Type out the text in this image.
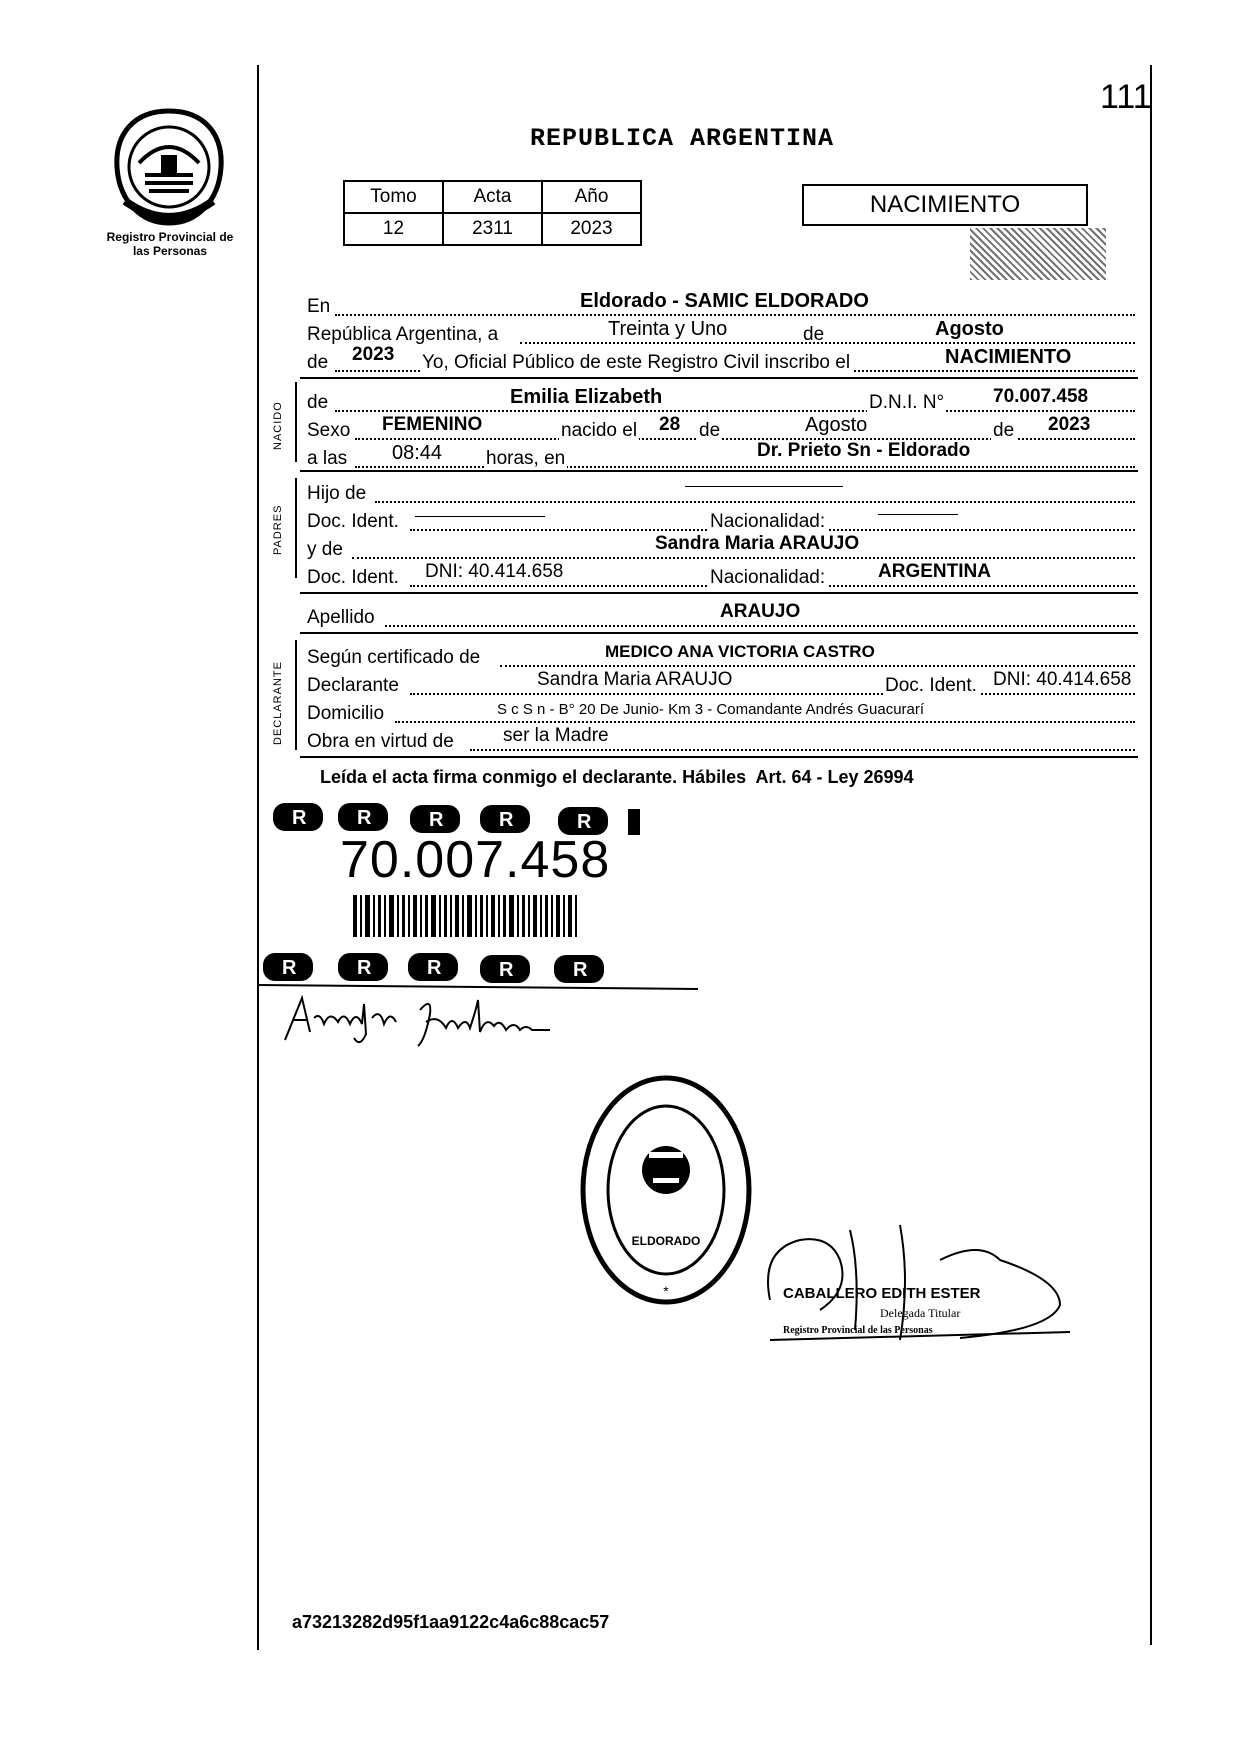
111
Registro Provincial de las Personas
REPUBLICA ARGENTINA
Tomo	Acta	Año
12	2311	2023
NACIMIENTO
En	Eldorado - SAMIC ELDORADO
República Argentina, a	Treinta y Uno	de	Agosto
de 2023 Yo, Oficial Público de este Registro Civil inscribo el	NACIMIENTO
NACIDO de	Emilia Elizabeth	D.N.I. N°	70.007.458
Sexo FEMENINO	nacido el 28 de	Agosto	de 2023
a las 08:44 horas, en	Dr. Prieto Sn - Eldorado
PADRES
Hijo de
Doc. Ident.	Nacionalidad:
y de	Sandra Maria ARAUJO
Doc. Ident. DNI: 40.414.658	Nacionalidad:	ARGENTINA
Apellido	ARAUJO
DECLARANTE
Según certificado de	MEDICO ANA VICTORIA CASTRO
Declarante	Sandra Maria ARAUJO	Doc. Ident. DNI: 40.414.658
Domicilio	S c S n - B° 20 De Junio- Km 3 - Comandante Andrés Guacurarí
Obra en virtud de	ser la Madre
Leída el acta firma conmigo el declarante. Hábiles  Art. 64 - Ley 26994
R	R	R	R	R
R	R	R	R	R
70.007.458
ELDORADO
*	CABALLERO EDITH ESTER
Delegada Titular
Registro Provincial de las Personas
a73213282d95f1aa9122c4a6c88cac57
